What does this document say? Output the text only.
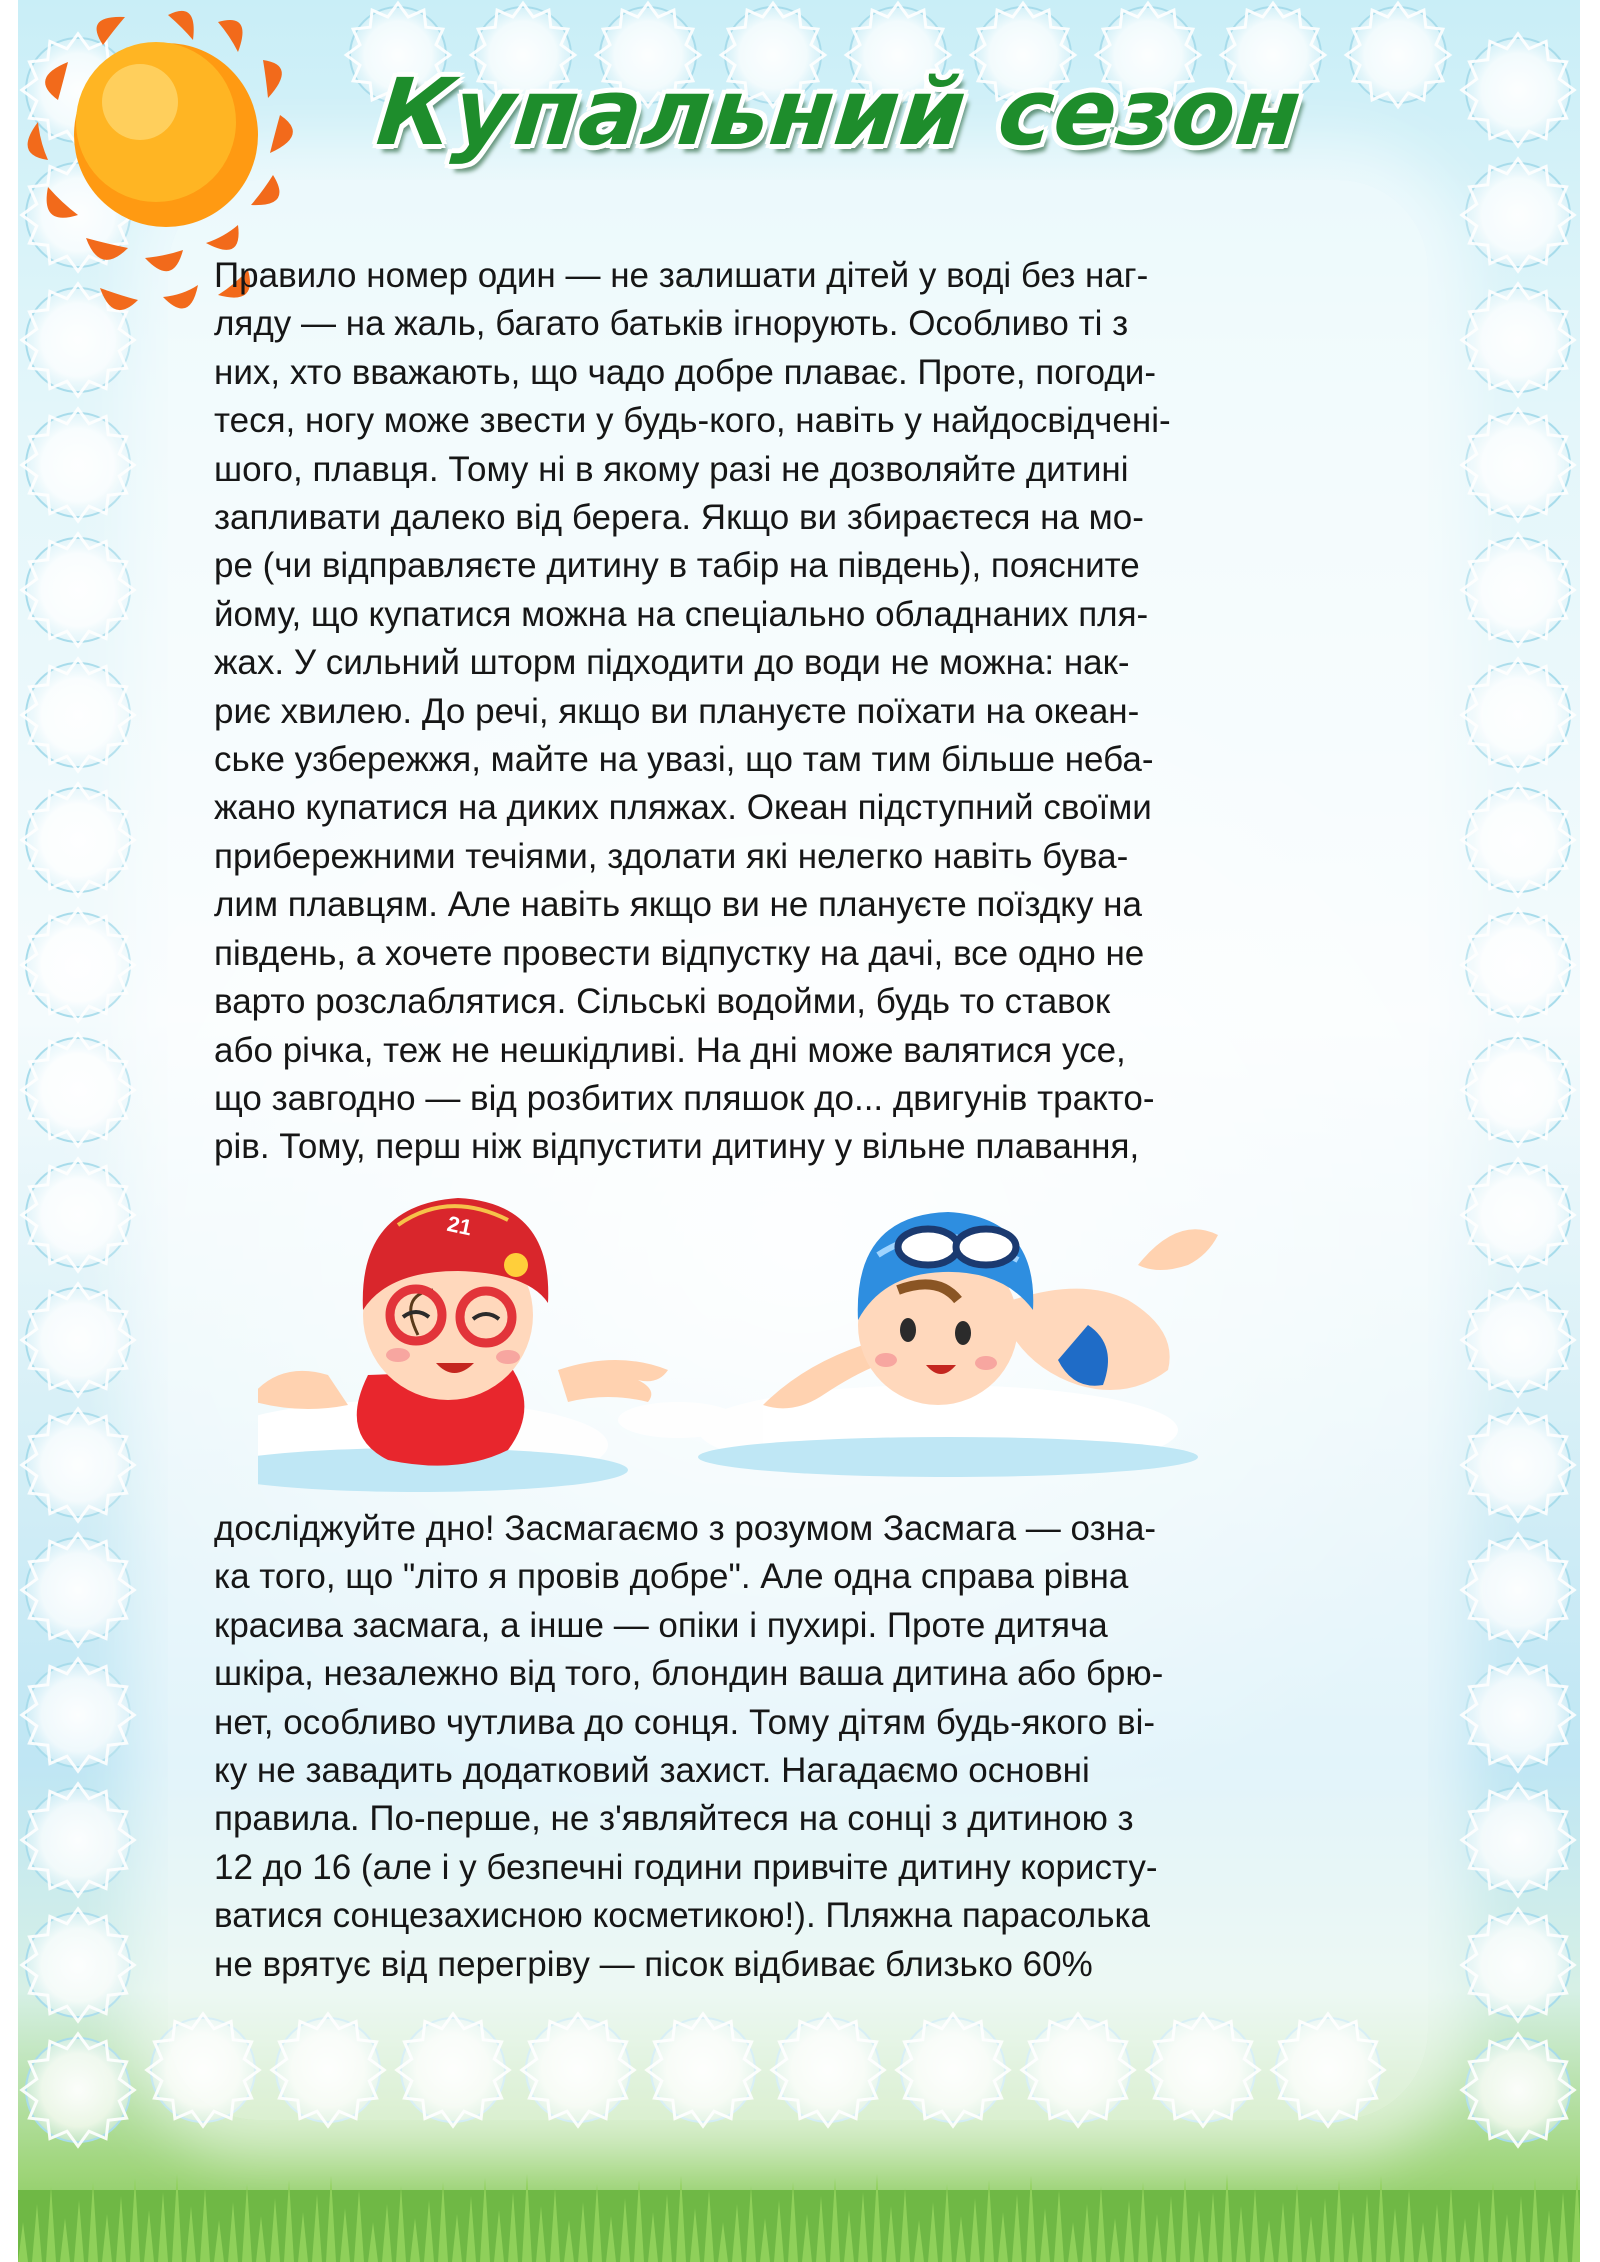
Купальний сезон
Правило номер один — не залишати дітей у воді без наг-
ляду — на жаль, багато батьків ігнорують. Особливо ті з
них, хто вважають, що чадо добре плаває. Проте, погоди-
теся, ногу може звести у будь-кого, навіть у найдосвідчені-
шого, плавця. Тому ні в якому разі не дозволяйте дитині
запливати далеко від берега. Якщо ви збираєтеся на мо-
ре (чи відправляєте дитину в табір на південь), поясните
йому, що купатися можна на спеціально обладнаних пля-
жах. У сильний шторм підходити до води не можна: нак-
риє хвилею. До речі, якщо ви плануєте поїхати на океан-
ське узбережжя, майте на увазі, що там тим більше неба-
жано купатися на диких пляжах. Океан підступний своїми
прибережними течіями, здолати які нелегко навіть бува-
лим плавцям. Але навіть якщо ви не плануєте поїздку на
південь, а хочете провести відпустку на дачі, все одно не
варто розслаблятися. Сільські водойми, будь то ставок
або річка, теж не нешкідливі. На дні може валятися усе,
що завгодно — від розбитих пляшок до... двигунів тракто-
рів. Тому, перш ніж відпустити дитину у вільне плавання,
21
досліджуйте дно! Засмагаємо з розумом Засмага — озна-
ка того, що "літо я провів добре". Але одна справа рівна
красива засмага, а інше — опіки і пухирі. Проте дитяча
шкіра, незалежно від того, блондин ваша дитина або брю-
нет, особливо чутлива до сонця. Тому дітям будь-якого ві-
ку не завадить додатковий захист. Нагадаємо основні
правила. По-перше, не з'являйтеся на сонці з дитиною з
12 до 16 (але і у безпечні години привчіте дитину користу-
ватися сонцезахисною косметикою!). Пляжна парасолька
не врятує від перегріву — пісок відбиває близько 60%
